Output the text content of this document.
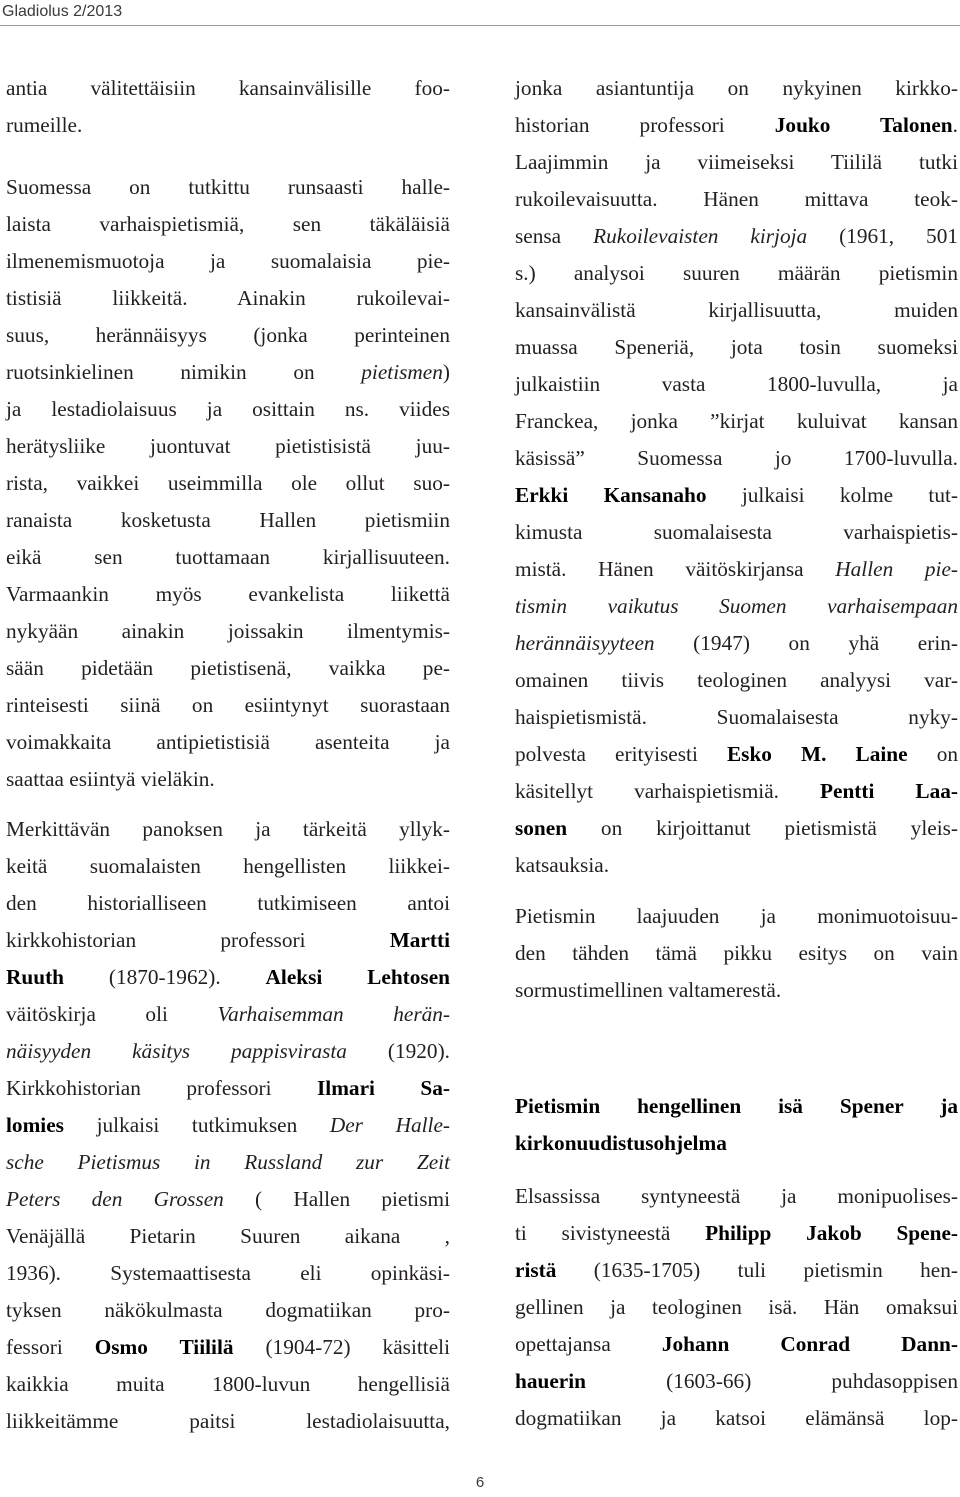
Gladiolus 2/2013
antia välitettäisiin kansainvälisille foo-
rumeille.
Suomessa on tutkittu runsaasti halle-
laista varhaispietismiä, sen täkäläisiä
ilmenemismuotoja ja suomalaisia pie-
tistisiä liikkeitä. Ainakin rukoilevai-
suus, herännäisyys (jonka perinteinen
ruotsinkielinen nimikin on pietismen)
ja lestadiolaisuus ja osittain ns. viides
herätysliike juontuvat pietistisistä juu-
rista, vaikkei useimmilla ole ollut suo-
ranaista kosketusta Hallen pietismiin
eikä sen tuottamaan kirjallisuuteen.
Varmaankin myös evankelista liikettä
nykyään ainakin joissakin ilmentymis-
sään pidetään pietistisenä, vaikka pe-
rinteisesti siinä on esiintynyt suorastaan
voimakkaita antipietistisiä asenteita ja
saattaa esiintyä vieläkin.
Merkittävän panoksen ja tärkeitä yllyk-
keitä suomalaisten hengellisten liikkei-
den historialliseen tutkimiseen antoi
kirkkohistorian professori Martti
Ruuth (1870-1962). Aleksi Lehtosen
väitöskirja oli Varhaisemman herän-
näisyyden käsitys pappisvirasta (1920).
Kirkkohistorian professori Ilmari Sa-
lomies julkaisi tutkimuksen Der Halle-
sche Pietismus in Russland zur Zeit
Peters den Grossen ( Hallen pietismi
Venäjällä Pietarin Suuren aikana ,
1936). Systemaattisesta eli opinkäsi-
tyksen näkökulmasta dogmatiikan pro-
fessori Osmo Tiililä (1904-72) käsitteli
kaikkia muita 1800-luvun hengellisiä
liikkeitämme paitsi lestadiolaisuutta,
jonka asiantuntija on nykyinen kirkko-
historian professori Jouko Talonen.
Laajimmin ja viimeiseksi Tiililä tutki
rukoilevaisuutta. Hänen mittava teok-
sensa Rukoilevaisten kirjoja (1961, 501
s.) analysoi suuren määrän pietismin
kansainvälistä kirjallisuutta, muiden
muassa Speneriä, jota tosin suomeksi
julkaistiin vasta 1800-luvulla, ja
Franckea, jonka ”kirjat kuluivat kansan
käsissä” Suomessa jo 1700-luvulla.
Erkki Kansanaho julkaisi kolme tut-
kimusta suomalaisesta varhaispietis-
mistä. Hänen väitöskirjansa Hallen pie-
tismin vaikutus Suomen varhaisempaan
herännäisyyteen (1947) on yhä erin-
omainen tiivis teologinen analyysi var-
haispietismistä. Suomalaisesta nyky-
polvesta erityisesti Esko M. Laine on
käsitellyt varhaispietismiä. Pentti Laa-
sonen on kirjoittanut pietismistä yleis-
katsauksia.
Pietismin laajuuden ja monimuotoisuu-
den tähden tämä pikku esitys on vain
sormustimellinen valtamerestä.
Pietismin hengellinen isä Spener ja
kirkonuudistusohjelma
Elsassissa syntyneestä ja monipuolises-
ti sivistyneestä Philipp Jakob Spene-
ristä (1635-1705) tuli pietismin hen-
gellinen ja teologinen isä. Hän omaksui
opettajansa Johann Conrad Dann-
hauerin (1603-66) puhdasoppisen
dogmatiikan ja katsoi elämänsä lop-
6
